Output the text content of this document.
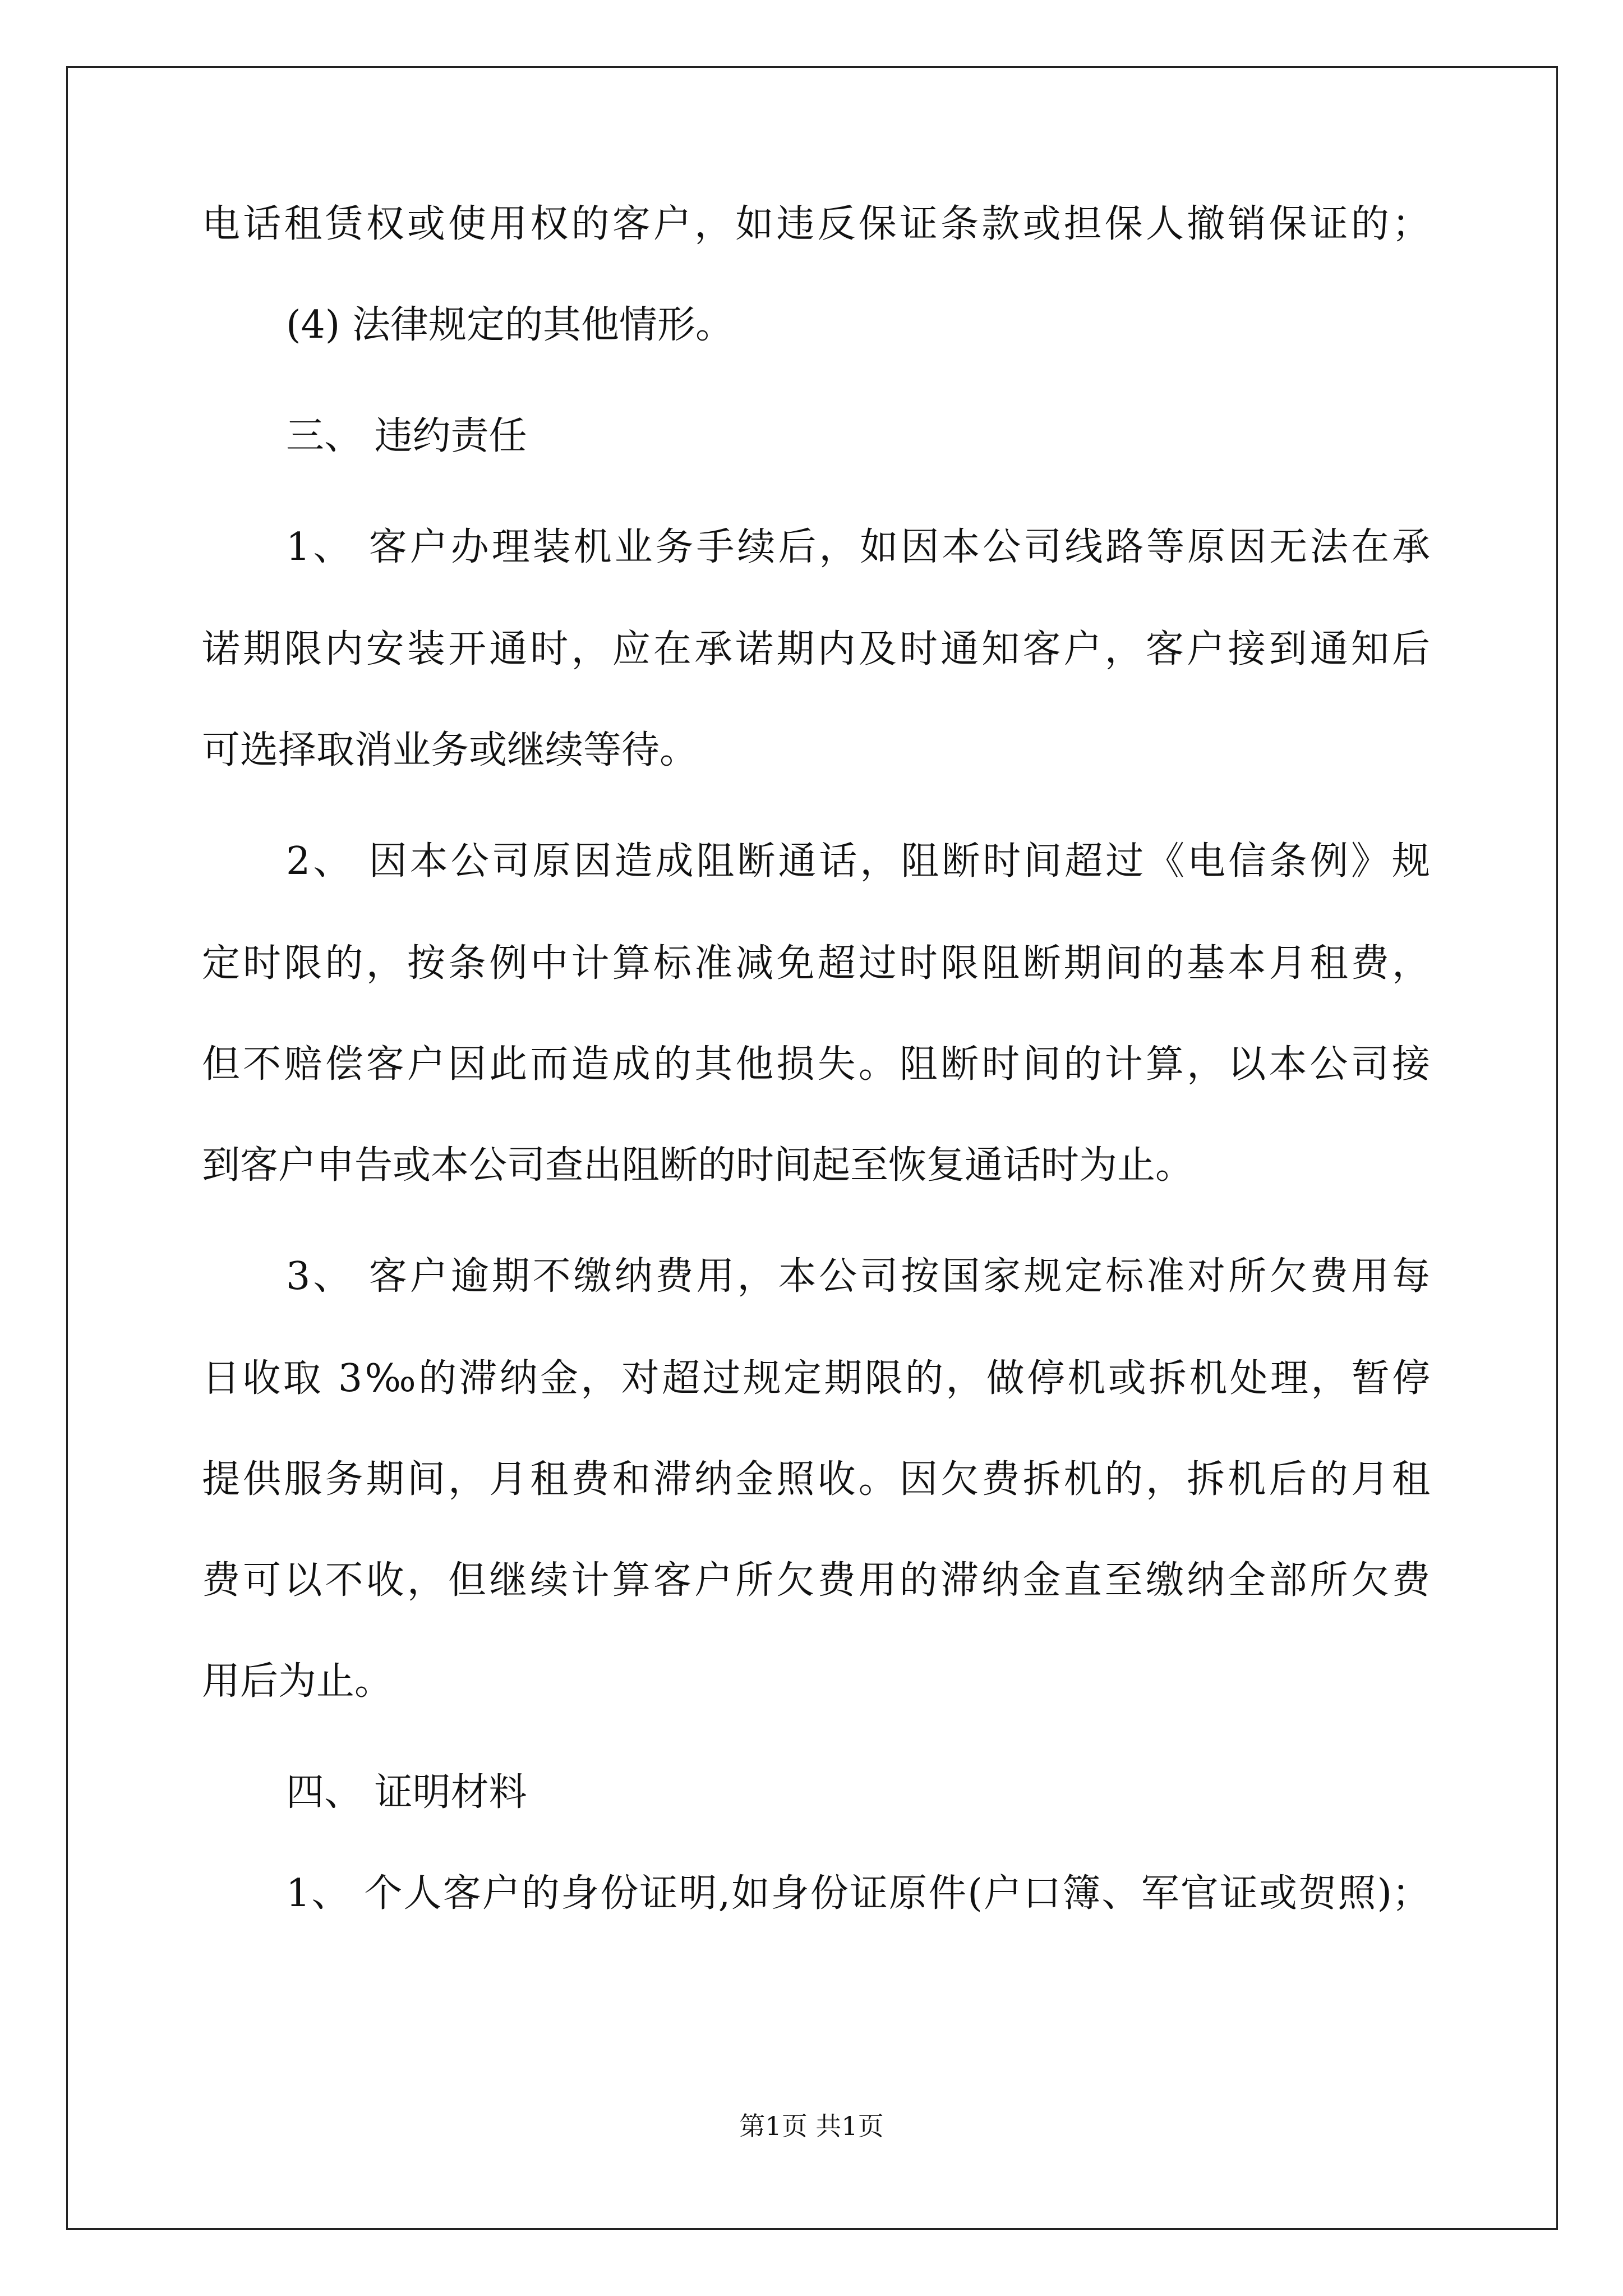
电话租赁权或使用权的客户，如违反保证条款或担保人撤销保证的；
(4) 法律规定的其他情形。
三、 违约责任
1、 客户办理装机业务手续后，如因本公司线路等原因无法在承
诺期限内安装开通时，应在承诺期内及时通知客户，客户接到通知后
可选择取消业务或继续等待。
2、 因本公司原因造成阻断通话，阻断时间超过《电信条例》规
定时限的，按条例中计算标准减免超过时限阻断期间的基本月租费，
但不赔偿客户因此而造成的其他损失。阻断时间的计算，以本公司接
到客户申告或本公司查出阻断的时间起至恢复通话时为止。
3、 客户逾期不缴纳费用，本公司按国家规定标准对所欠费用每
日收取 3‰的滞纳金，对超过规定期限的，做停机或拆机处理，暂停
提供服务期间，月租费和滞纳金照收。因欠费拆机的，拆机后的月租
费可以不收，但继续计算客户所欠费用的滞纳金直至缴纳全部所欠费
用后为止。
四、 证明材料
1、 个人客户的身份证明,如身份证原件(户口簿、军官证或贺照)；
第1页 共1页
